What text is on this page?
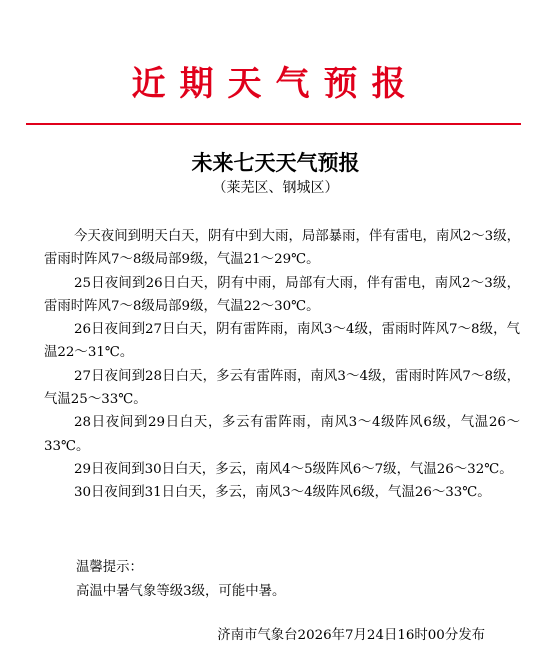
近期天气预报
未来七天天气预报
（莱芜区、钢城区）

今天夜间到明天白天，阴有中到大雨，局部暴雨，伴有雷电，南风2～3级，雷雨时阵风7～8级局部9级，气温21～29℃。

25日夜间到26日白天，阴有中雨，局部有大雨，伴有雷电，南风2～3级，雷雨时阵风7～8级局部9级，气温22～30℃。

26日夜间到27日白天，阴有雷阵雨，南风3～4级，雷雨时阵风7～8级，气温22～31℃。

27日夜间到28日白天，多云有雷阵雨，南风3～4级，雷雨时阵风7～8级，气温25～33℃。

28日夜间到29日白天，多云有雷阵雨，南风3～4级阵风6级，气温26～33℃。

29日夜间到30日白天，多云，南风4～5级阵风6～7级，气温26～32℃。

30日夜间到31日白天，多云，南风3～4级阵风6级，气温26～33℃。

温馨提示：

高温中暑气象等级3级，可能中暑。

济南市气象台2026年7月24日16时00分发布
